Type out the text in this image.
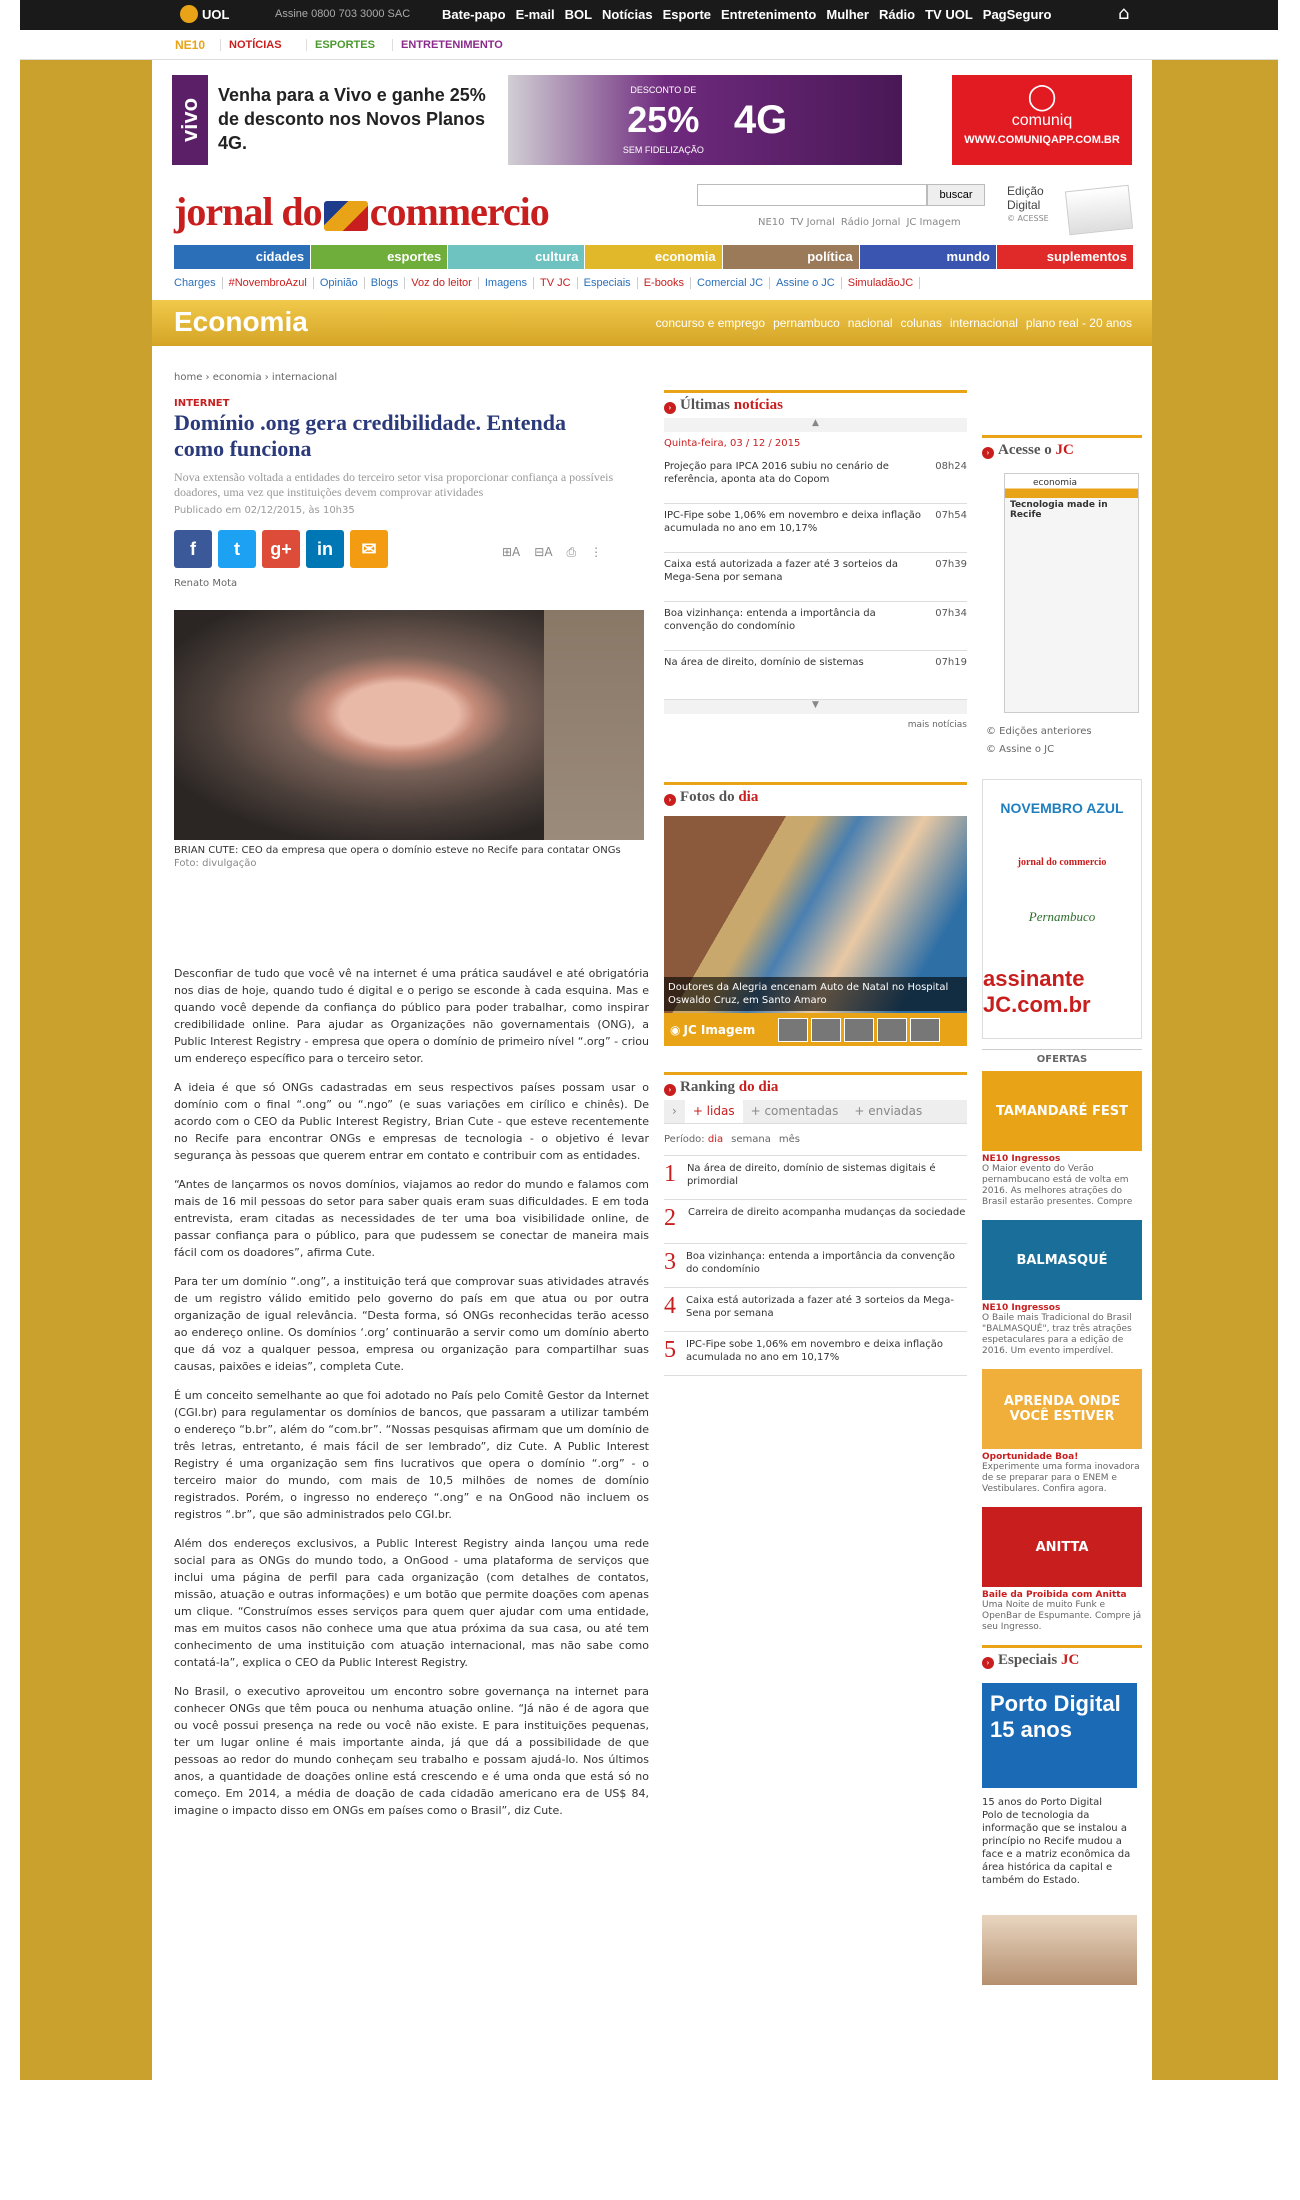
UOL	Assine 0800 703 3000 SAC Bate-papo E-mail BOL Notícias Esporte Entretenimento Mulher Rádio TV UOL PagSeguro	⌂
NE10	NOTÍCIAS	ESPORTES	ENTRETENIMENTO
vivo
Venha para a Vivo e ganhe 25% de desconto nos Novos Planos 4G.
DESCONTO DE
25%
SEM FIDELIZAÇÃO
4G
◯
comuniq
WWW.COMUNIQAPP.COM.BR
jornal do commercio	buscar
NE10 TV Jornal Rádio Jornal JC Imagem
Edição
Digital
© ACESSE
cidades	esportes	cultura	economia	política	mundo	suplementos
Charges	#NovembroAzul	Opinião	Blogs	Voz do leitor	Imagens	TV JC	Especiais	E-books	Comercial JC	Assine o JC	SimuladãoJC
Economia	concurso e emprego pernambuco nacional colunas internacional plano real - 20 anos
home › economia › internacional
INTERNET
Domínio .ong gera credibilidade. Entenda como funciona
Nova extensão voltada a entidades do terceiro setor visa proporcionar confiança a possíveis doadores, uma vez que instituições devem comprovar atividades
Publicado em 02/12/2015, às 10h35
f	t	g+	in	✉	⊞A ⊟A ⎙ ⋮
Renato Mota
BRIAN CUTE: CEO da empresa que opera o domínio esteve no Recife para contatar ONGs
Foto: divulgação

Desconfiar de tudo que você vê na internet é uma prática saudável e até obrigatória nos dias de hoje, quando tudo é digital e o perigo se esconde à cada esquina. Mas e quando você depende da confiança do público para poder trabalhar, como inspirar credibilidade online. Para ajudar as Organizações não governamentais (ONG), a Public Interest Registry - empresa que opera o domínio de primeiro nível “.org” - criou um endereço específico para o terceiro setor.

A ideia é que só ONGs cadastradas em seus respectivos países possam usar o domínio com o final “.ong” ou “.ngo” (e suas variações em cirílico e chinês). De acordo com o CEO da Public Interest Registry, Brian Cute - que esteve recentemente no Recife para encontrar ONGs e empresas de tecnologia - o objetivo é levar segurança às pessoas que querem entrar em contato e contribuir com as entidades.

“Antes de lançarmos os novos domínios, viajamos ao redor do mundo e falamos com mais de 16 mil pessoas do setor para saber quais eram suas dificuldades. E em toda entrevista, eram citadas as necessidades de ter uma boa visibilidade online, de passar confiança para o público, para que pudessem se conectar de maneira mais fácil com os doadores”, afirma Cute.

Para ter um domínio “.ong”, a instituição terá que comprovar suas atividades através de um registro válido emitido pelo governo do país em que atua ou por outra organização de igual relevância. “Desta forma, só ONGs reconhecidas terão acesso ao endereço online. Os domínios ‘.org’ continuarão a servir como um domínio aberto que dá voz a qualquer pessoa, empresa ou organização para compartilhar suas causas, paixões e ideias”, completa Cute.

É um conceito semelhante ao que foi adotado no País pelo Comitê Gestor da Internet (CGI.br) para regulamentar os domínios de bancos, que passaram a utilizar também o endereço “b.br”, além do “com.br”. “Nossas pesquisas afirmam que um domínio de três letras, entretanto, é mais fácil de ser lembrado”, diz Cute. A Public Interest Registry é uma organização sem fins lucrativos que opera o domínio “.org” - o terceiro maior do mundo, com mais de 10,5 milhões de nomes de domínio registrados. Porém, o ingresso no endereço “.ong” e na OnGood não incluem os registros “.br”, que são administrados pelo CGI.br.

Além dos endereços exclusivos, a Public Interest Registry ainda lançou uma rede social para as ONGs do mundo todo, a OnGood - uma plataforma de serviços que inclui uma página de perfil para cada organização (com detalhes de contatos, missão, atuação e outras informações) e um botão que permite doações com apenas um clique. “Construímos esses serviços para quem quer ajudar com uma entidade, mas em muitos casos não conhece uma que atua próxima da sua casa, ou até tem conhecimento de uma instituição com atuação internacional, mas não sabe como contatá-la”, explica o CEO da Public Interest Registry.

No Brasil, o executivo aproveitou um encontro sobre governança na internet para conhecer ONGs que têm pouca ou nenhuma atuação online. “Já não é de agora que ou você possui presença na rede ou você não existe. E para instituições pequenas, ter um lugar online é mais importante ainda, já que dá a possibilidade de que pessoas ao redor do mundo conheçam seu trabalho e possam ajudá-lo. Nos últimos anos, a quantidade de doações online está crescendo e é uma onda que está só no começo. Em 2014, a média de doação de cada cidadão americano era de US$ 84, imagine o impacto disso em ONGs em países como o Brasil”, diz Cute.

› Últimas notícias
▲
Quinta-feira, 03 / 12 / 2015
Projeção para IPCA 2016 subiu no cenário de referência, aponta ata do Copom
08h24
IPC-Fipe sobe 1,06% em novembro e deixa inflação acumulada no ano em 10,17%
07h54
Caixa está autorizada a fazer até 3 sorteios da Mega-Sena por semana
07h39
Boa vizinhança: entenda a importância da convenção do condomínio
07h34
Na área de direito, domínio de sistemas	07h19
▼
mais notícias
› Fotos do dia
Doutores da Alegria encenam Auto de Natal no Hospital Oswaldo Cruz, em Santo Amaro
◉ JC Imagem
› Ranking do dia
›	+ lidas	+ comentadas	+ enviadas
Período: dia semana mês
1 Na área de direito, domínio de sistemas digitais é primordial
2 Carreira de direito acompanha mudanças da sociedade
3 Boa vizinhança: entenda a importância da convenção do condomínio
4 Caixa está autorizada a fazer até 3 sorteios da Mega-Sena por semana
5 IPC-Fipe sobe 1,06% em novembro e deixa inflação acumulada no ano em 10,17%
› Acesse o JC
economia
Tecnologia made in Recife
© Edições anteriores
© Assine o JC
NOVEMBRO AZUL
jornal do commercio
Pernambuco
assinante JC.com.br
OFERTAS
TAMANDARÉ FEST
NE10 Ingressos
O Maior evento do Verão pernambucano está de volta em 2016. As melhores atrações do Brasil estarão presentes. Compre
BALMASQUÉ
NE10 Ingressos
O Baile mais Tradicional do Brasil "BALMASQUÉ", traz três atrações espetaculares para a edição de 2016. Um evento imperdível.
APRENDA ONDE VOCÊ ESTIVER
Oportunidade Boa!
Experimente uma forma inovadora de se preparar para o ENEM e Vestibulares. Confira agora.
ANITTA
Baile da Proibida com Anitta
Uma Noite de muito Funk e OpenBar de Espumante. Compre já seu Ingresso.
› Especiais JC
Porto Digital 15 anos
15 anos do Porto Digital
Polo de tecnologia da informação que se instalou a princípio no Recife mudou a face e a matriz econômica da área histórica da capital e também do Estado.
